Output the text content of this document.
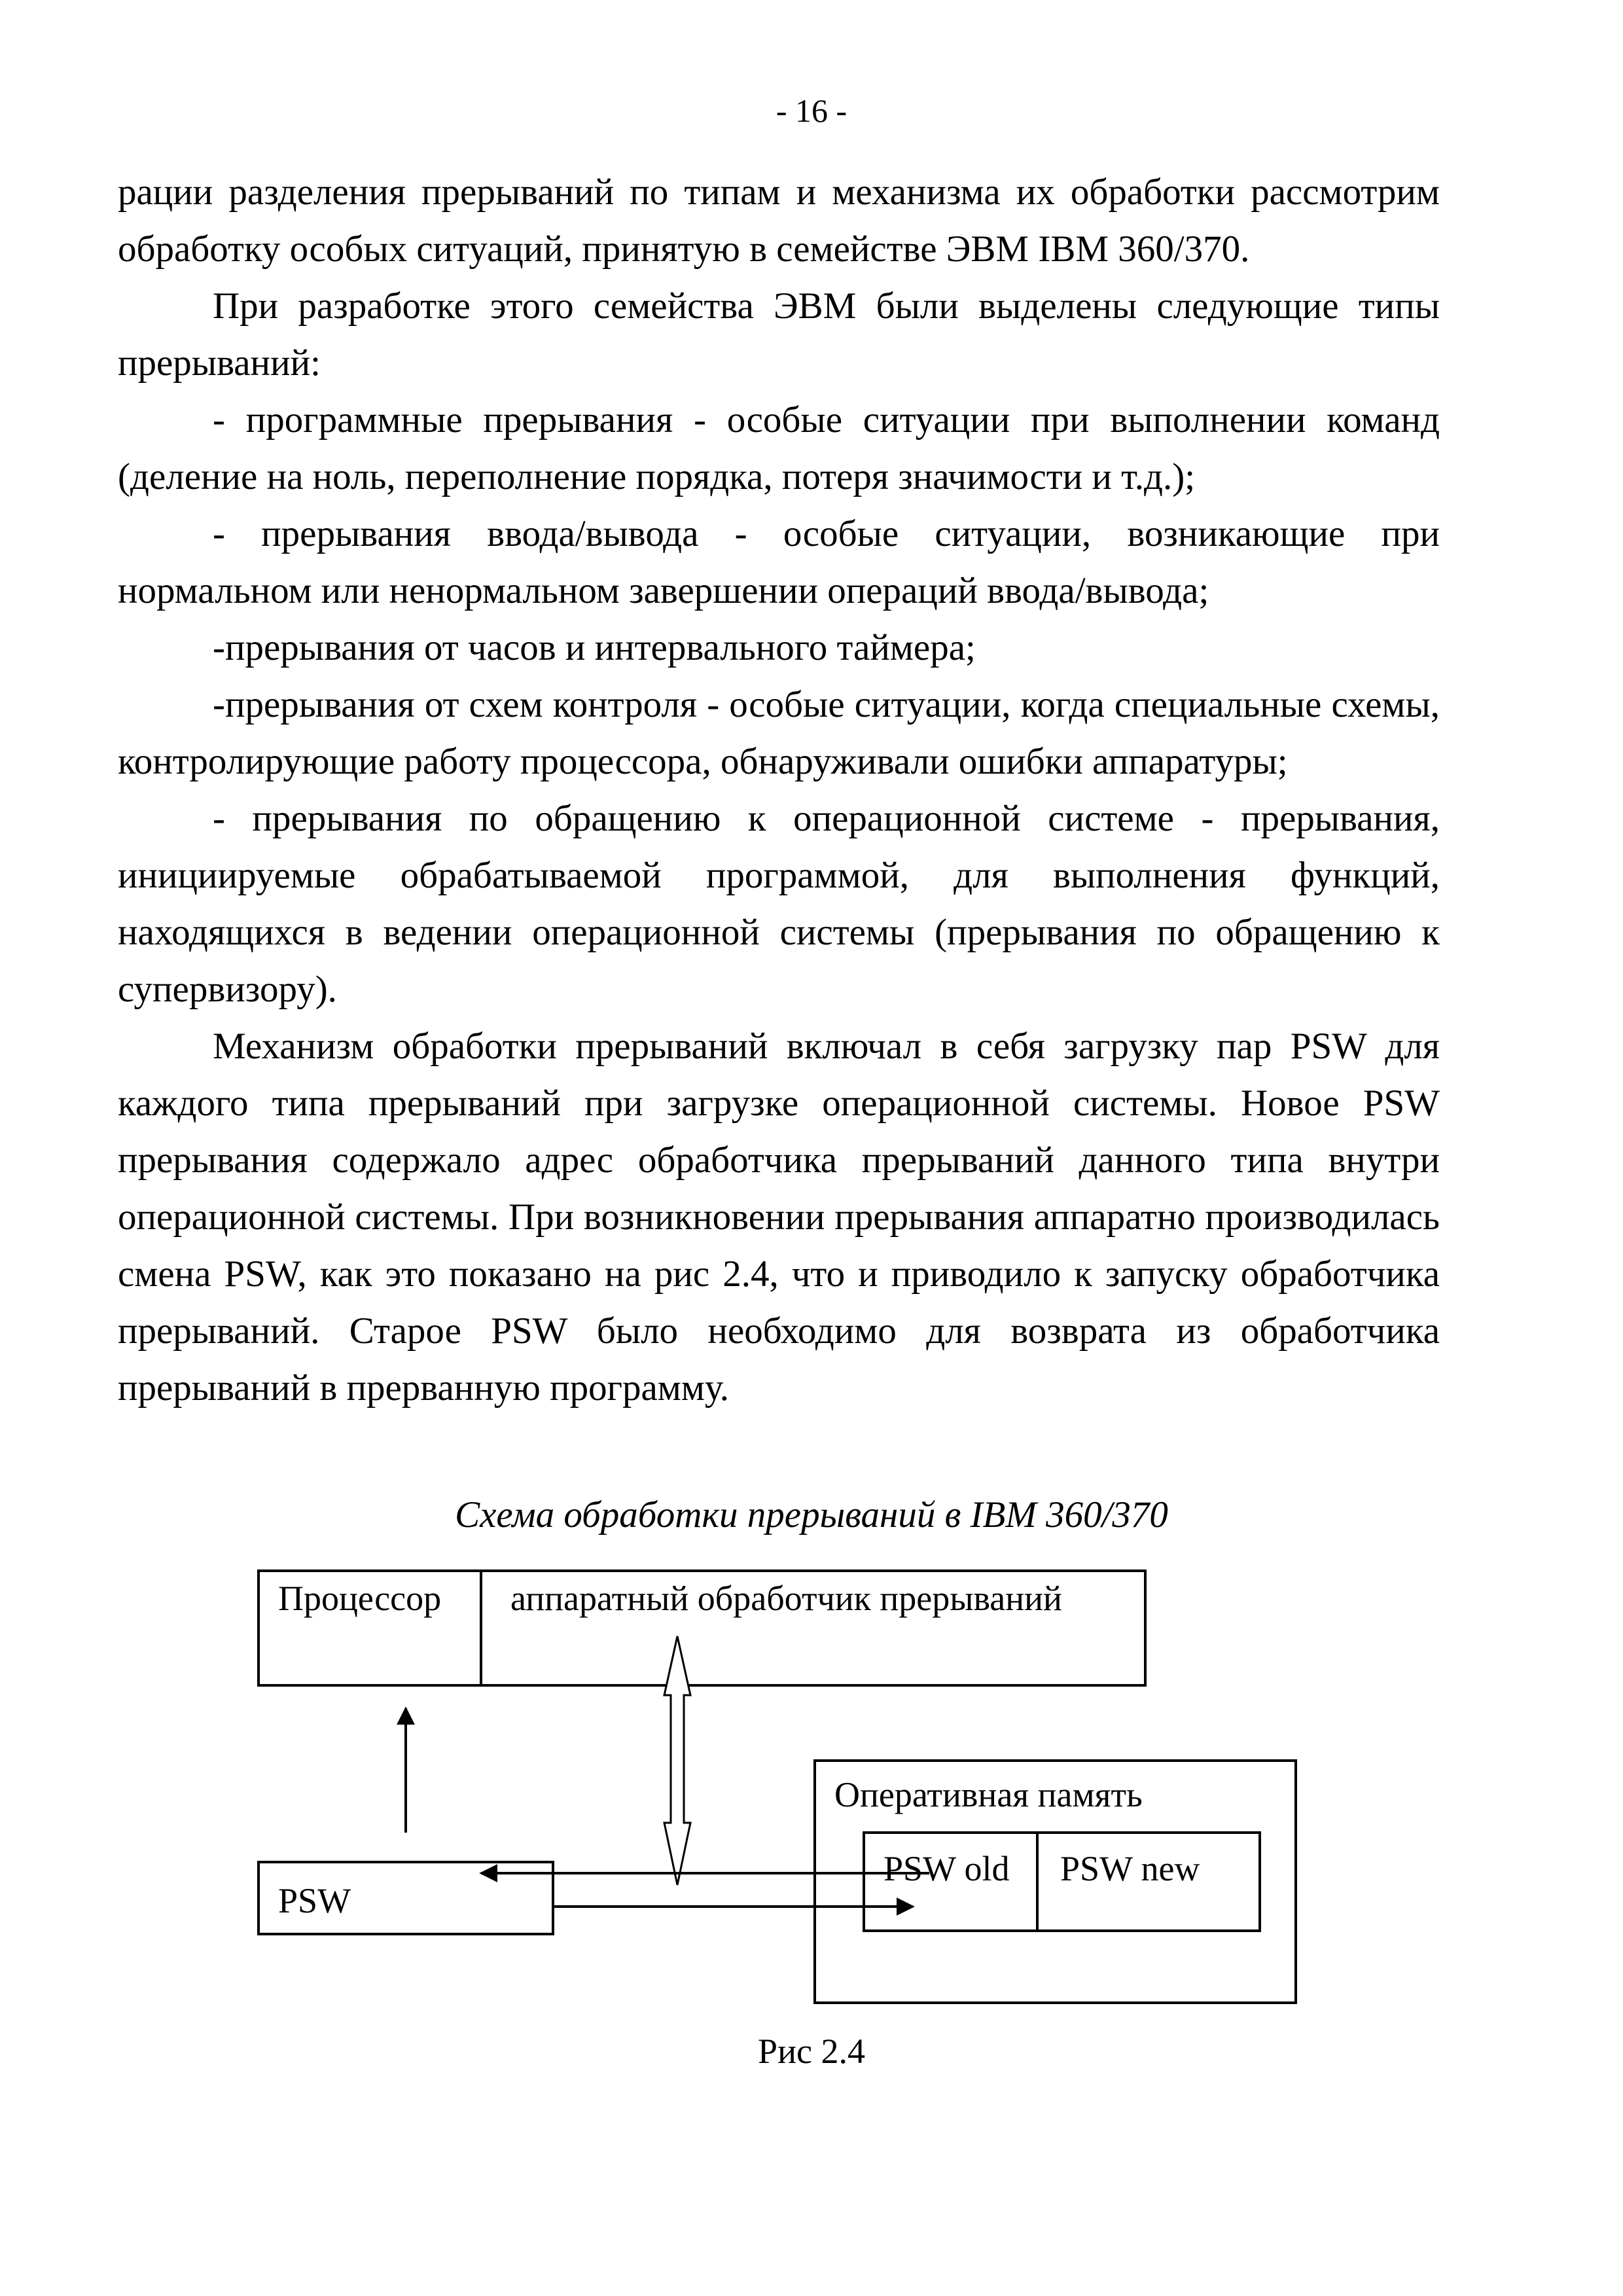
- 16 -

рации разделения прерываний по типам и механизма их обработки рассмотрим обработку особых ситуаций, принятую в семействе ЭВМ IBM 360/370.

При разработке этого семейства ЭВМ были выделены следующие типы прерываний:

- программные прерывания - особые ситуации при выполнении команд (деление на ноль, переполнение порядка, потеря значимости и т.д.);

- прерывания ввода/вывода - особые ситуации, возникающие при нормальном или ненормальном завершении операций ввода/вывода;

-прерывания от часов и интервального таймера;

-прерывания от схем контроля - особые ситуации, когда специальные схемы, контролирующие работу процессора, обнаруживали ошибки аппаратуры;

- прерывания по обращению к операционной системе - прерывания, инициируемые обрабатываемой программой, для выполнения функций, находящихся в ведении операционной системы (прерывания по обращению к супервизору).

Механизм обработки прерываний включал в себя загрузку пар PSW для каждого типа прерываний при загрузке операционной системы. Новое PSW прерывания содержало адрес обработчика прерываний данного типа внутри операционной системы. При возникновении прерывания аппаратно производилась смена PSW, как это показано на рис 2.4, что и приводило к запуску обработчика прерываний. Старое PSW было необходимо для возврата из обработчика прерываний в прерванную программу.

Схема обработки прерываний в IBM 360/370
Процессор аппаратный обработчик прерываний
Оперативная память
PSW old PSW new
PSW
Рис 2.4
